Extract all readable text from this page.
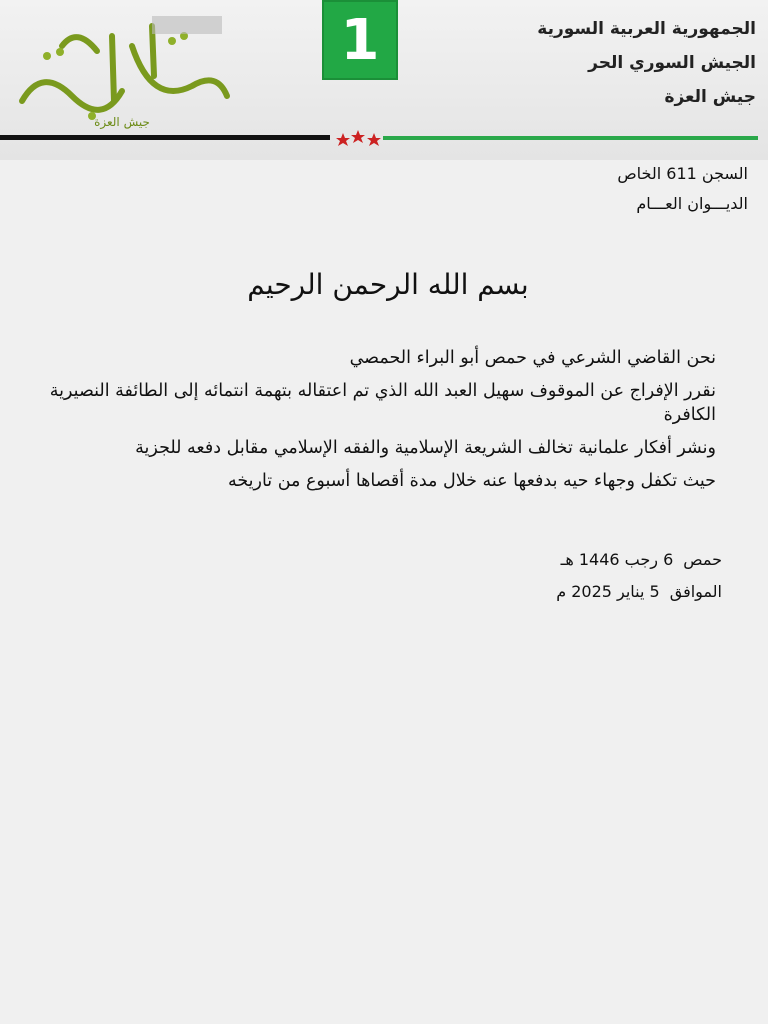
جيش العزة
1	الجمهورية العربية السورية
الجيش السوري الحر
جيش العزة
السجن 611 الخاص
الديـــوان العـــام
بسم الله الرحمن الرحيم
نحن القاضي الشرعي في حمص أبو البراء الحمصي
نقرر الإفراج عن الموقوف سهيل العبد الله الذي تم اعتقاله بتهمة انتمائه إلى الطائفة النصيرية الكافرة
ونشر أفكار علمانية تخالف الشريعة الإسلامية والفقه الإسلامي مقابل دفعه للجزية
حيث تكفل وجهاء حيه بدفعها عنه خلال مدة أقصاها أسبوع من تاريخه
حمص6 رجب 1446 هـ
الموافق5 يناير 2025 م
